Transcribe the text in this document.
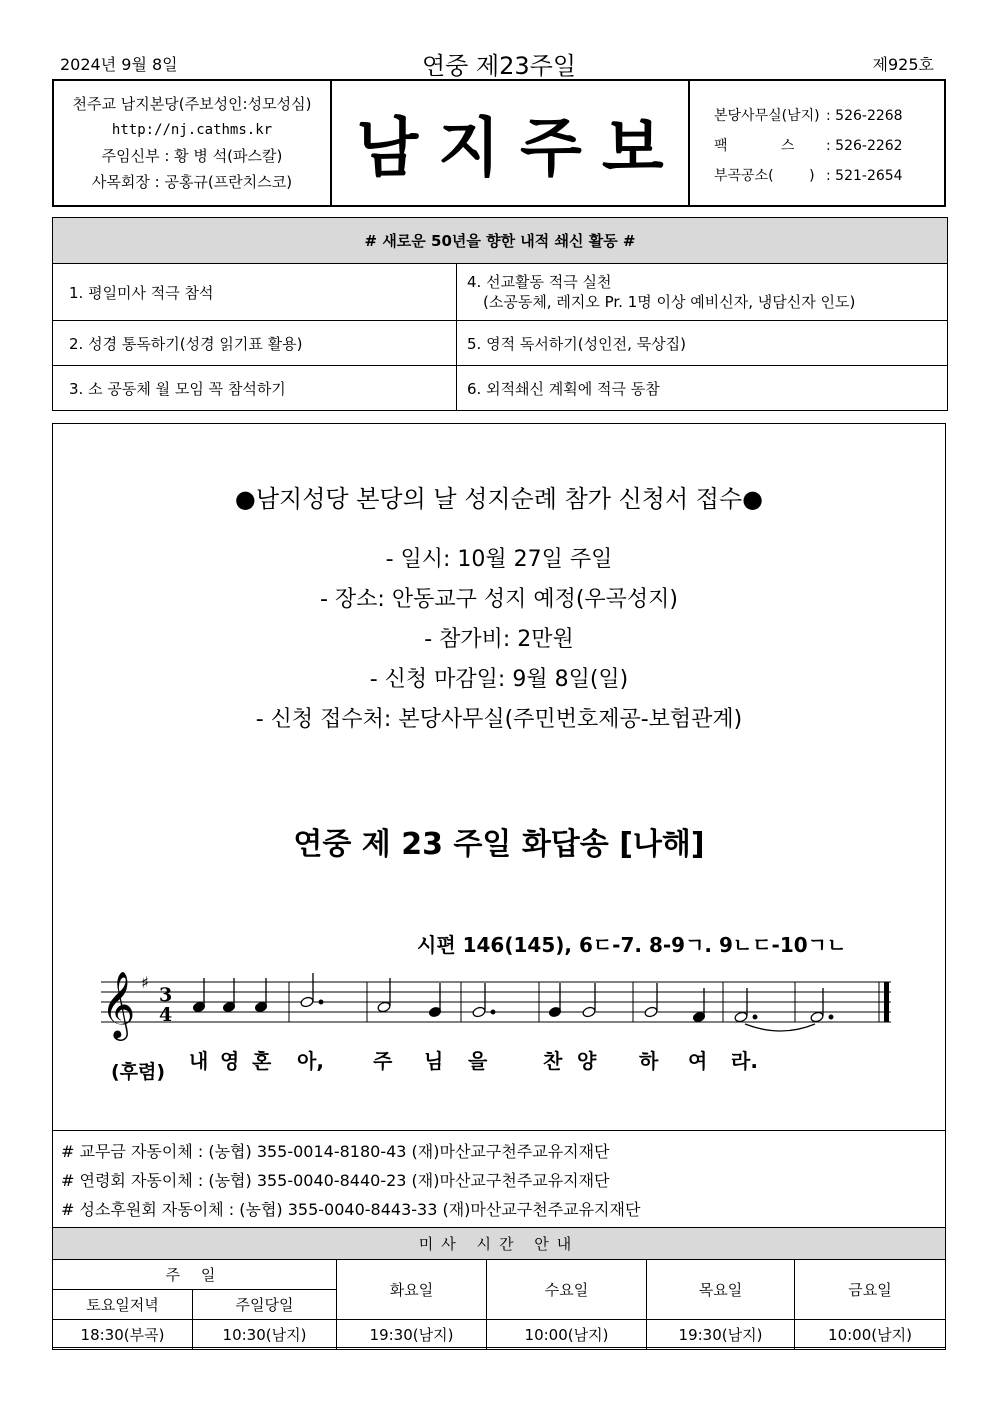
2024년 9월 8일	연중 제23주일	제925호
천주교 남지본당(주보성인:성모성심)
http://nj.cathms.kr
주임신부 : 황 병 석(파스칼)
사목회장 : 공홍규(프란치스코)	남지주보 본당사무실(남지) : 526-2268
팩            스	: 526-2262
부곡공소(        ) : 521-2654
# 새로운 50년을 향한 내적 쇄신 활동 #	
1. 평일미사 적극 참석	4. 선교활동 적극 실천
(소공동체, 레지오 Pr. 1명 이상 예비신자, 냉담신자 인도)

2. 성경 통독하기(성경 읽기표 활용)	5. 영적 독서하기(성인전, 묵상집)
3. 소 공동체 월 모임 꼭 참석하기	6. 외적쇄신 계획에 적극 동참
●남지성당 본당의 날 성지순례 참가 신청서 접수●
- 일시: 10월 27일 주일
- 장소: 안동교구 성지 예정(우곡성지)
- 참가비: 2만원
- 신청 마감일: 9월 8일(일)
- 신청 접수처: 본당사무실(주민번호제공-보험관계)
연중 제 23 주일 화답송 [나해]
시편 146(145), 6ㄷ-7. 8-9ㄱ. 9ㄴㄷ-10ㄱㄴ
𝄞 ♯
3
4
(후렴) 내 영 혼 아, 주 님 을	찬 양 하 여 라.
# 교무금 자동이체 : (농협) 355-0014-8180-43 (재)마산교구천주교유지재단
# 연령회 자동이체 : (농협) 355-0040-8440-23 (재)마산교구천주교유지재단
# 성소후원회 자동이체 : (농협) 355-0040-8443-33 (재)마산교구천주교유지재단
미사 시간 안내					
주 일		화요일	수요일	목요일	금요일
토요일저녁	주일당일				
18:30(부곡)	10:30(남지)	19:30(남지)	10:00(남지)	19:30(남지)	10:00(남지)
